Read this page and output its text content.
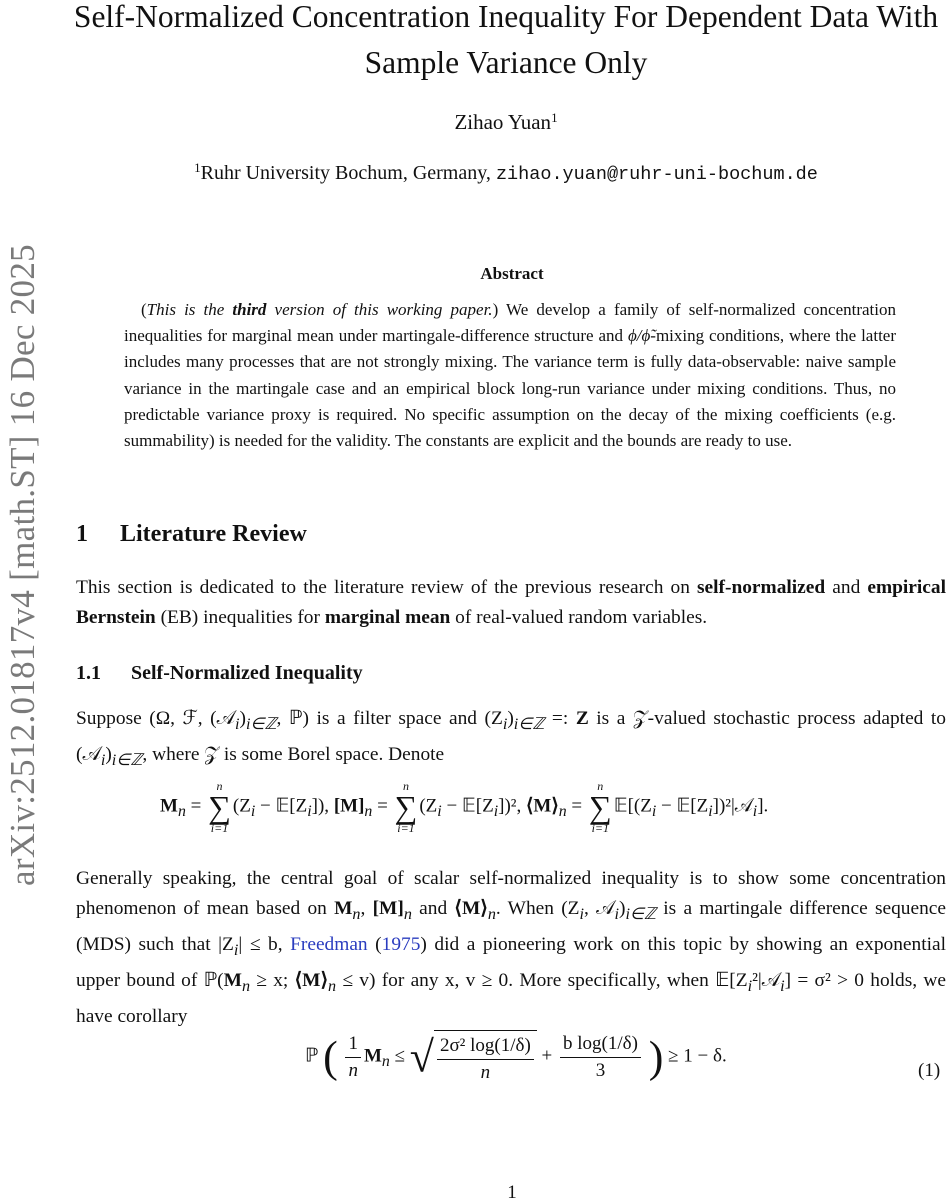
arXiv:2512.01817v4 [math.ST] 16 Dec 2025
Self-Normalized Concentration Inequality For Dependent Data With
Sample Variance Only
Zihao Yuan$^1$
$^1$Ruhr University Bochum, Germany, zihao.yuan@ruhr-uni-bochum.de
Abstract
(This is the third version of this working paper.) We develop a family of self-normalized concentration inequalities for marginal mean under martingale-difference structure and ϕ/ϕ̃-mixing conditions, where the latter includes many processes that are not strongly mixing. The variance term is fully data-observable: naive sample variance in the martingale case and an empirical block long-run variance under mixing conditions. Thus, no predictable variance proxy is required. No specific assumption on the decay of the mixing coefficients (e.g. summability) is needed for the validity. The constants are explicit and the bounds are ready to use.
1 Literature Review
This section is dedicated to the literature review of the previous research on self-normalized and empirical Bernstein (EB) inequalities for marginal mean of real-valued random variables.
1.1 Self-Normalized Inequality
Suppose (Ω, ℱ, $(𝒜_i)_{i\in ℤ}$, ℙ) is a filter space and $(Z_i)_{i\in ℤ}$ =: Z is a 𝒵-valued stochastic process adapted to $(𝒜_i)_{i\in ℤ}$, where 𝒵 is some Borel space. Denote
$M_n$ =
n
∑
i=1
($Z_i$ − $𝔼[Z_i]$), $[M]_n$ =
n
∑
i=1
($Z_i$ − $𝔼[Z_i])^2$, $⟨M⟩_n$ =
n
∑
i=1
$𝔼[(Z_i$ − $𝔼[Z_i])^2|𝒜_i$].
Generally speaking, the central goal of scalar self-normalized inequality is to show some concentration phenomenon of mean based on $M_n$, $[M]_n$ and $⟨M⟩_n$. When ($Z_i$, $𝒜_i)_{i\in ℤ}$ is a martingale difference sequence (MDS) such that $|Z_i| \le b$, Freedman (1975) did a pioneering work on this topic by showing an exponential upper bound of $ℙ(M_n \ge x$; $⟨M⟩_n \le v$) for any x, v ≥ 0. More specifically, when $𝔼[Z_i^2|𝒜_i] = \sigma^2 > 0$ holds, we have corollary
ℙ ( $\frac{1}{n} M_n$ ≤ √ $\frac{\text{2σ² log(1/δ)}}{n} + \frac{\text{b log(1/δ)}}{3}$ ) ≥ 1 − δ.
(1)
1
